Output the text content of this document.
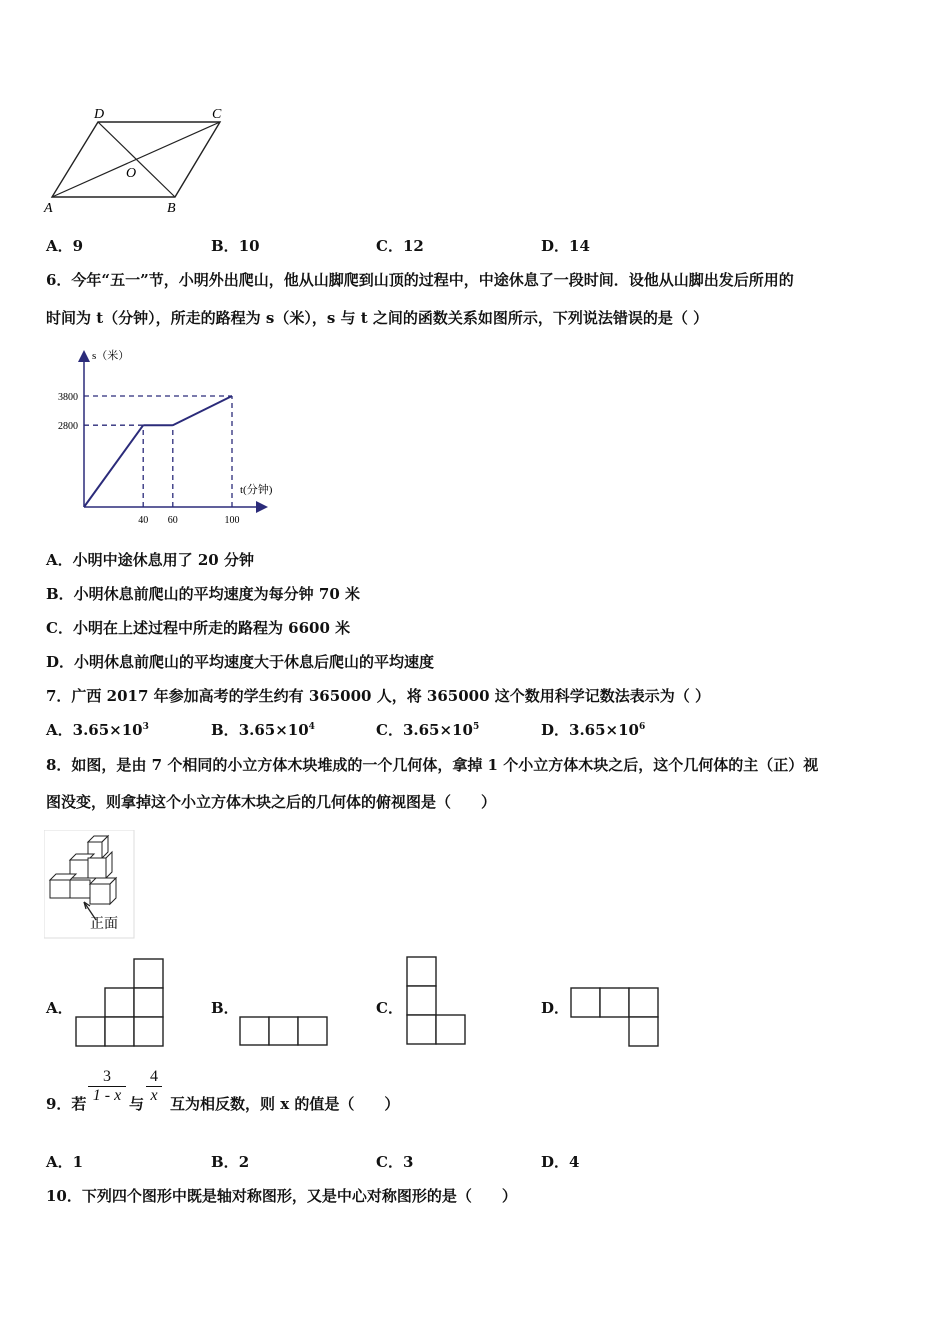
A	B
C
D
O
A．9	B．10	C．12	D．14
6．今年“五一”节，小明外出爬山，他从山脚爬到山顶的过程中，中途休息了一段时间．设他从山脚出发后所用的
时间为 t（分钟），所走的路程为 s（米），s 与 t 之间的函数关系如图所示，下列说法错误的是（ ）
s（米）
t(分钟)
3800
2800
40 60	100
A．小明中途休息用了 20 分钟
B．小明休息前爬山的平均速度为每分钟 70 米
C．小明在上述过程中所走的路程为 6600 米
D．小明休息前爬山的平均速度大于休息后爬山的平均速度
7．广西 2017 年参加高考的学生约有 365000 人，将 365000 这个数用科学记数法表示为（ ）
A．$3.65\times 10^3$	B．$3.65\times 10^4$	C．$3.65\times 10^5$	D．$3.65\times 10^6$
8．如图，是由 7 个相同的小立方体木块堆成的一个几何体，拿掉 1 个小立方体木块之后，这个几何体的主（正）视
图没变，则拿掉这个小立方体木块之后的几何体的俯视图是（　　）
正面
A．	B．	C．	D．
9．若 $\frac{3}{1 - x}$ 与 $\frac{4}{x}$ 互为相反数，则 x 的值是（　　）
A．1	B．2	C．3	D．4
10．下列四个图形中既是轴对称图形，又是中心对称图形的是（　　）
